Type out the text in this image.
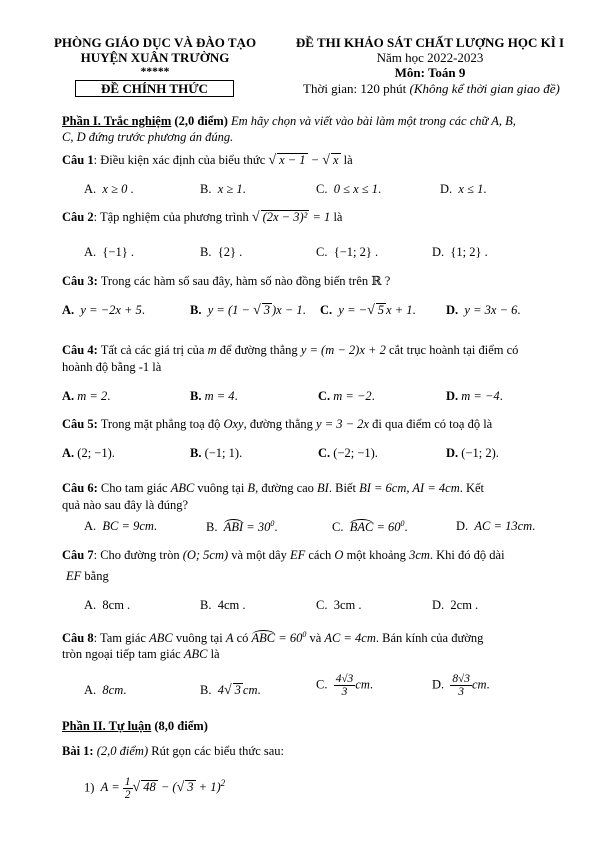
PHÒNG GIÁO DỤC VÀ ĐÀO TẠO
HUYỆN XUÂN TRƯỜNG
*****
ĐỀ CHÍNH THỨC
ĐỀ THI KHẢO SÁT CHẤT LƯỢNG HỌC KÌ I
Năm học 2022-2023
Môn: Toán 9
Thời gian: 120 phút (Không kể thời gian giao đề)
Phần I. Trắc nghiệm (2,0 điểm) Em hãy chọn và viết vào bài làm một trong các chữ A, B,
C, D đứng trước phương án đúng.
Câu 1: Điều kiện xác định của biểu thức √ x − 1 − √ x là
A. x ≥ 0 .	B. x ≥ 1.	C. 0 ≤ x ≤ 1.	D. x ≤ 1.
Câu 2: Tập nghiệm của phương trình √ (2x − 3)² = 1 là
A.  {−1} .	B.  {2} .	C.  {−1; 2} .	D.  {1; 2} .
Câu 3: Trong các hàm số sau đây, hàm số nào đồng biến trên ℝ ?
A. y = −2x + 5.	B. y = (1 − √ 3 )x − 1. C. y = −√ 5 x + 1. D. y = 3x − 6.
Câu 4: Tất cả các giá trị của m để đường thẳng y = (m − 2)x + 2 cắt trục hoành tại điểm có
hoành độ bằng -1 là
A. m = 2.	B. m = 4.	C. m = −2.	D. m = −4.
Câu 5: Trong mặt phẳng toạ độ Oxy, đường thẳng y = 3 − 2x đi qua điểm có toạ độ là
A. (2; −1).	B. (−1; 1).	C. (−2; −1).	D. (−1; 2).
Câu 6: Cho tam giác ABC vuông tại B, đường cao BI. Biết BI = 6cm, AI = 4cm. Kết
quả nào sau đây là đúng?
A. BC = 9cm.	B. ABI = $30^0$.	C. BAC = $60^0$.	D. AC = 13cm.
Câu 7: Cho đường tròn (O; 5cm) và một dây EF cách O một khoảng 3cm. Khi đó độ dài
EF bằng
A. 8cm .	B. 4cm .	C. 3cm .	D. 2cm .
Câu 8: Tam giác ABC vuông tại A có ABC = $60^0$ và AC = 4cm. Bán kính của đường
tròn ngoại tiếp tam giác ABC là
A. 8cm.	B. 4√ 3 cm.	C. $\frac{4√3}{3}$ cm.	D. $\frac{8√3}{3}$ cm.
Phần II. Tự luận (8,0 điểm)
Bài 1: (2,0 điểm) Rút gọn các biểu thức sau:
1) $A = \frac{1}{2}$ √ 48 − (√ 3 + 1)$^2$
